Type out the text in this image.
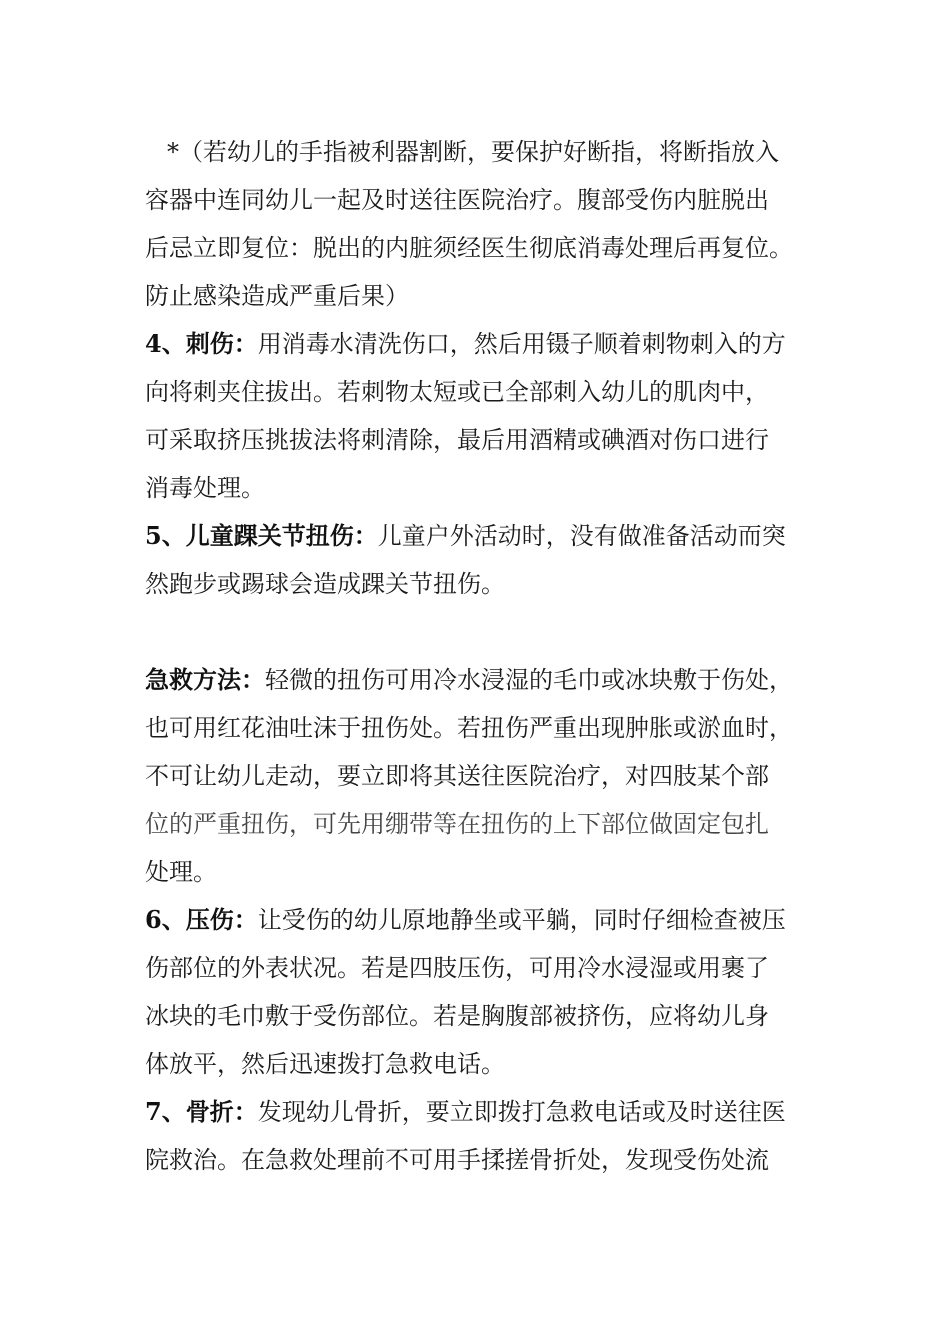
*（若幼儿的手指被利器割断，要保护好断指，将断指放入
容器中连同幼儿一起及时送往医院治疗。腹部受伤内脏脱出
后忌立即复位：脱出的内脏须经医生彻底消毒处理后再复位。
防止感染造成严重后果）
4、刺伤：用消毒水清洗伤口，然后用镊子顺着刺物刺入的方
向将刺夹住拔出。若刺物太短或已全部刺入幼儿的肌肉中，
可采取挤压挑拔法将刺清除，最后用酒精或碘酒对伤口进行
消毒处理。
5、儿童踝关节扭伤：儿童户外活动时，没有做准备活动而突
然跑步或踢球会造成踝关节扭伤。
急救方法：轻微的扭伤可用冷水浸湿的毛巾或冰块敷于伤处，
也可用红花油吐沫于扭伤处。若扭伤严重出现肿胀或淤血时，
不可让幼儿走动，要立即将其送往医院治疗，对四肢某个部
位的严重扭伤，可先用绷带等在扭伤的上下部位做固定包扎
处理。
6、压伤：让受伤的幼儿原地静坐或平躺，同时仔细检查被压
伤部位的外表状况。若是四肢压伤，可用冷水浸湿或用裹了
冰块的毛巾敷于受伤部位。若是胸腹部被挤伤，应将幼儿身
体放平，然后迅速拨打急救电话。
7、骨折：发现幼儿骨折，要立即拨打急救电话或及时送往医
院救治。在急救处理前不可用手揉搓骨折处，发现受伤处流
